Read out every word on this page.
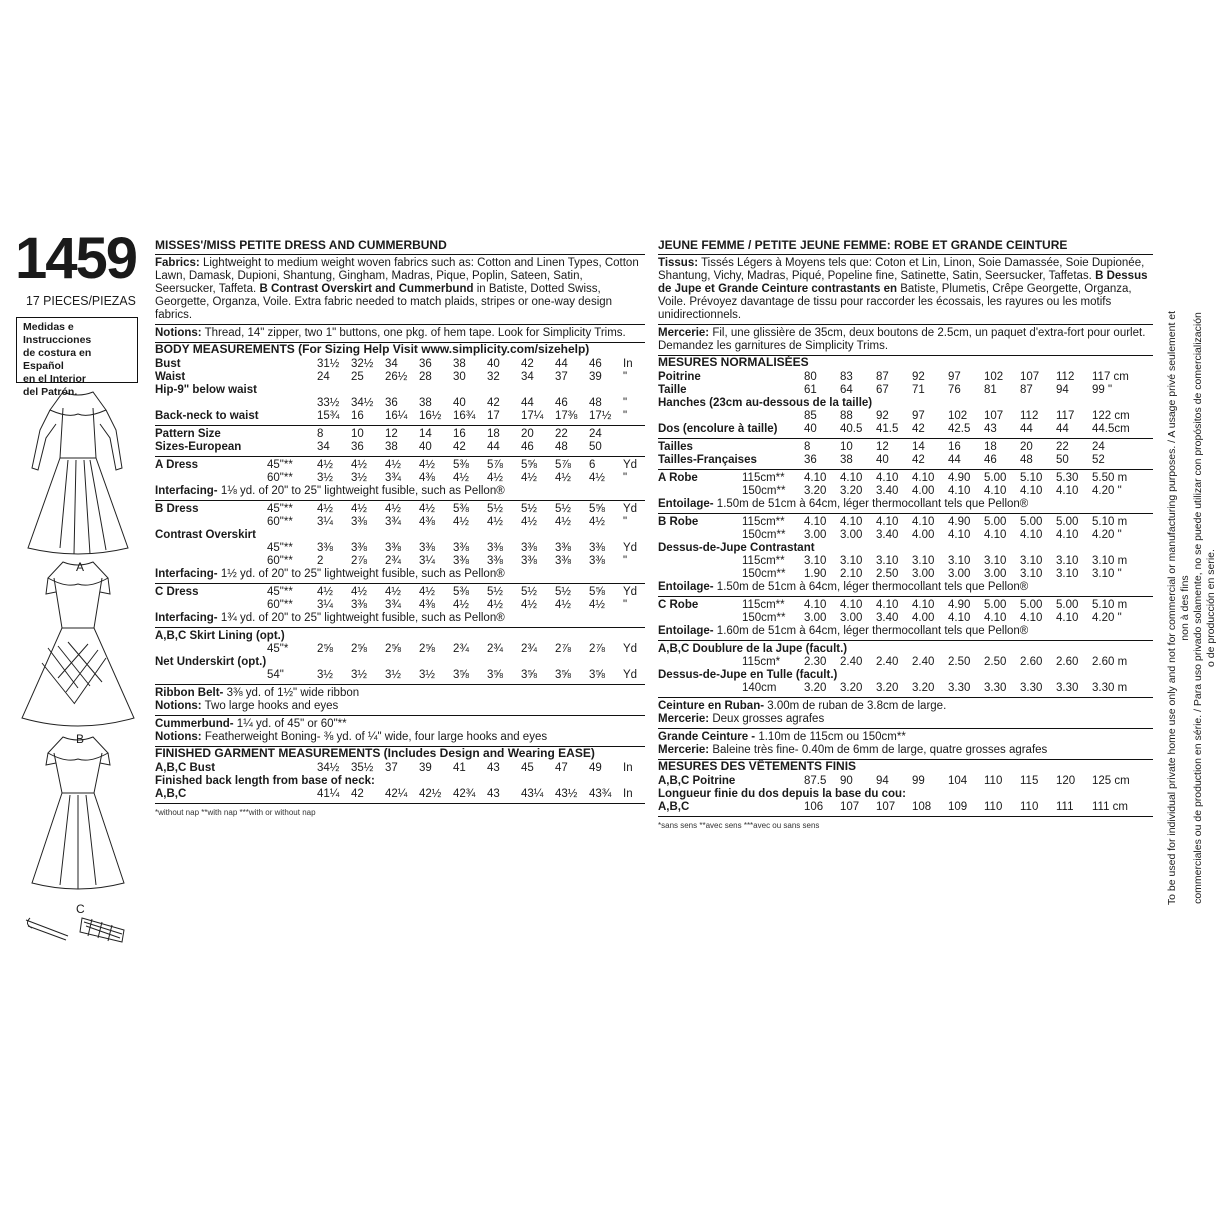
1459
17 PIECES/PIEZAS
Medidas e Instrucciones
de costura en Español
en el Interior
del Patrón.
A
B
C
MISSES'/MISS PETITE DRESS AND CUMMERBUND
Fabrics: Lightweight to medium weight woven fabrics such as: Cotton and Linen Types, Cotton Lawn, Damask, Dupioni, Shantung, Gingham, Madras, Pique, Poplin, Sateen, Satin, Seersucker, Taffeta. B Contrast Overskirt and Cummerbund in Batiste, Dotted Swiss, Georgette, Organza, Voile. Extra fabric needed to match plaids, stripes or one-way design fabrics.
Notions: Thread, 14" zipper, two 1" buttons, one pkg. of hem tape. Look for Simplicity Trims.
BODY MEASUREMENTS (For Sizing Help Visit www.simplicity.com/sizehelp)
Bust		31½	32½	34	36	38	40	42	44	46	In
Waist		24	25	26½	28	30	32	34	37	39	"
Hip-9" below waist											
		33½	34½	36	38	40	42	44	46	48	"
Back-neck to waist		15¾	16	16¼	16½	16¾	17	17¼	17⅜	17½	"
Pattern Size		8	10	12	14	16	18	20	22	24	
Sizes-European		34	36	38	40	42	44	46	48	50	
A Dress	45"**	4½	4½	4½	4½	5⅜	5⅞	5⅝	5⅞	6	Yd
	60"**	3½	3½	3¾	4⅜	4½	4½	4½	4½	4½	"
Interfacing- 1⅛ yd. of 20" to 25" lightweight fusible, such as Pellon®
B Dress	45"**	4½	4½	4½	4½	5⅜	5½	5½	5½	5⅝	Yd
	60"**	3¼	3⅜	3¾	4⅜	4½	4½	4½	4½	4½	"
Contrast Overskirt											
	45"**	3⅜	3⅜	3⅜	3⅜	3⅜	3⅜	3⅜	3⅜	3⅜	Yd
	60"**	2	2⅞	2¾	3¼	3⅜	3⅜	3⅜	3⅜	3⅜	"
Interfacing- 1½ yd. of 20" to 25" lightweight fusible, such as Pellon®
C Dress	45"**	4½	4½	4½	4½	5⅜	5½	5½	5½	5⅝	Yd
	60"**	3¼	3⅜	3¾	4⅜	4½	4½	4½	4½	4½	"
Interfacing- 1¾ yd. of 20" to 25" lightweight fusible, such as Pellon®
A,B,C Skirt Lining (opt.)											
	45"*	2⅝	2⅝	2⅝	2⅝	2¾	2¾	2¾	2⅞	2⅞	Yd
Net Underskirt (opt.)											
	54"	3½	3½	3½	3½	3⅝	3⅝	3⅝	3⅝	3⅝	Yd
Ribbon Belt- 3⅜ yd. of 1½" wide ribbon
Notions: Two large hooks and eyes
Cummerbund- 1¼ yd. of 45" or 60"**
Notions: Featherweight Boning- ⅜ yd. of ¼" wide, four large hooks and eyes
FINISHED GARMENT MEASUREMENTS (Includes Design and Wearing EASE)
A,B,C Bust		34½	35½	37	39	41	43	45	47	49	In
Finished back length from base of neck:											
A,B,C		41¼	42	42¼	42½	42¾	43	43¼	43½	43¾	In
*without nap **with nap ***with or without nap
JEUNE FEMME / PETITE JEUNE FEMME: ROBE ET GRANDE CEINTURE
Tissus: Tissés Légers à Moyens tels que: Coton et Lin, Linon, Soie Damassée, Soie Dupionée, Shantung, Vichy, Madras, Piqué, Popeline fine, Satinette, Satin, Seersucker, Taffetas. B Dessus de Jupe et Grande Ceinture contrastants en Batiste, Plumetis, Crêpe Georgette, Organza, Voile. Prévoyez davantage de tissu pour raccorder les écossais, les rayures ou les motifs unidirectionnels.
Mercerie: Fil, une glissière de 35cm, deux boutons de 2.5cm, un paquet d'extra-fort pour ourlet. Demandez les garnitures de Simplicity Trims.
MESURES NORMALISÉES
Poitrine		80	83	87	92	97	102	107	112	117 cm
Taille		61	64	67	71	76	81	87	94	99 "
Hanches (23cm au-dessous de la taille)										
		85	88	92	97	102	107	112	117	122 cm
Dos (encolure à taille)		40	40.5	41.5	42	42.5	43	44	44	44.5cm
Tailles		8	10	12	14	16	18	20	22	24
Tailles-Françaises		36	38	40	42	44	46	48	50	52
A Robe	115cm**	4.10	4.10	4.10	4.10	4.90	5.00	5.10	5.30	5.50 m
	150cm**	3.20	3.20	3.40	4.00	4.10	4.10	4.10	4.10	4.20 "
Entoilage- 1.50m de 51cm à 64cm, léger thermocollant tels que Pellon®
B Robe	115cm**	4.10	4.10	4.10	4.10	4.90	5.00	5.00	5.00	5.10 m
	150cm**	3.00	3.00	3.40	4.00	4.10	4.10	4.10	4.10	4.20 "
Dessus-de-Jupe Contrastant										
	115cm**	3.10	3.10	3.10	3.10	3.10	3.10	3.10	3.10	3.10 m
	150cm**	1.90	2.10	2.50	3.00	3.00	3.00	3.10	3.10	3.10 "
Entoilage- 1.50m de 51cm à 64cm, léger thermocollant tels que Pellon®
C Robe	115cm**	4.10	4.10	4.10	4.10	4.90	5.00	5.00	5.00	5.10 m
	150cm**	3.00	3.00	3.40	4.00	4.10	4.10	4.10	4.10	4.20 "
Entoilage- 1.60m de 51cm à 64cm, léger thermocollant tels que Pellon®
A,B,C Doublure de la Jupe (facult.)										
	115cm*	2.30	2.40	2.40	2.40	2.50	2.50	2.60	2.60	2.60 m
Dessus-de-Jupe en Tulle (facult.)										
	140cm	3.20	3.20	3.20	3.20	3.30	3.30	3.30	3.30	3.30 m
Ceinture en Ruban- 3.00m de ruban de 3.8cm de large.
Mercerie: Deux grosses agrafes
Grande Ceinture - 1.10m de 115cm ou 150cm**
Mercerie: Baleine très fine- 0.40m de 6mm de large, quatre grosses agrafes
MESURES DES VÊTEMENTS FINIS
A,B,C Poitrine		87.5	90	94	99	104	110	115	120	125 cm
Longueur finie du dos depuis la base du cou:										
A,B,C		106	107	107	108	109	110	110	111	111 cm
*sans sens **avec sens ***avec ou sans sens	To be used for individual private home use only and not for commercial or manufacturing purposes. / A usage privé seulement et non à des fins commerciales ou de production en série. / Para uso privado solamente, no se puede utilizar con propósitos de comercialización o de producción en serie.
